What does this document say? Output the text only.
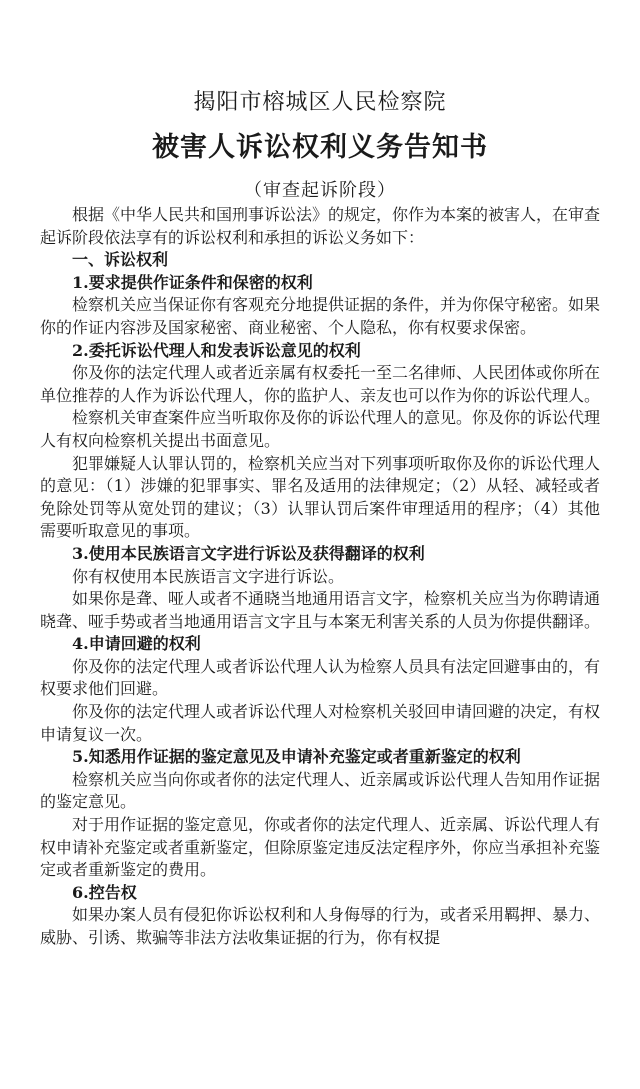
揭阳市榕城区人民检察院
被害人诉讼权利义务告知书
（审查起诉阶段）

根据《中华人民共和国刑事诉讼法》的规定，你作为本案的被害人，在审查起诉阶段依法享有的诉讼权利和承担的诉讼义务如下：

一、诉讼权利

1.要求提供作证条件和保密的权利

检察机关应当保证你有客观充分地提供证据的条件，并为你保守秘密。如果你的作证内容涉及国家秘密、商业秘密、个人隐私，你有权要求保密。

2.委托诉讼代理人和发表诉讼意见的权利

你及你的法定代理人或者近亲属有权委托一至二名律师、人民团体或你所在单位推荐的人作为诉讼代理人，你的监护人、亲友也可以作为你的诉讼代理人。

检察机关审查案件应当听取你及你的诉讼代理人的意见。你及你的诉讼代理人有权向检察机关提出书面意见。

犯罪嫌疑人认罪认罚的，检察机关应当对下列事项听取你及你的诉讼代理人的意见：（1）涉嫌的犯罪事实、罪名及适用的法律规定；（2）从轻、减轻或者免除处罚等从宽处罚的建议；（3）认罪认罚后案件审理适用的程序；（4）其他需要听取意见的事项。

3.使用本民族语言文字进行诉讼及获得翻译的权利

你有权使用本民族语言文字进行诉讼。

如果你是聋、哑人或者不通晓当地通用语言文字，检察机关应当为你聘请通晓聋、哑手势或者当地通用语言文字且与本案无利害关系的人员为你提供翻译。

4.申请回避的权利

你及你的法定代理人或者诉讼代理人认为检察人员具有法定回避事由的，有权要求他们回避。

你及你的法定代理人或者诉讼代理人对检察机关驳回申请回避的决定，有权申请复议一次。

5.知悉用作证据的鉴定意见及申请补充鉴定或者重新鉴定的权利

检察机关应当向你或者你的法定代理人、近亲属或诉讼代理人告知用作证据的鉴定意见。

对于用作证据的鉴定意见，你或者你的法定代理人、近亲属、诉讼代理人有权申请补充鉴定或者重新鉴定，但除原鉴定违反法定程序外，你应当承担补充鉴定或者重新鉴定的费用。

6.控告权

如果办案人员有侵犯你诉讼权利和人身侮辱的行为，或者采用羁押、暴力、威胁、引诱、欺骗等非法方法收集证据的行为，你有权提
